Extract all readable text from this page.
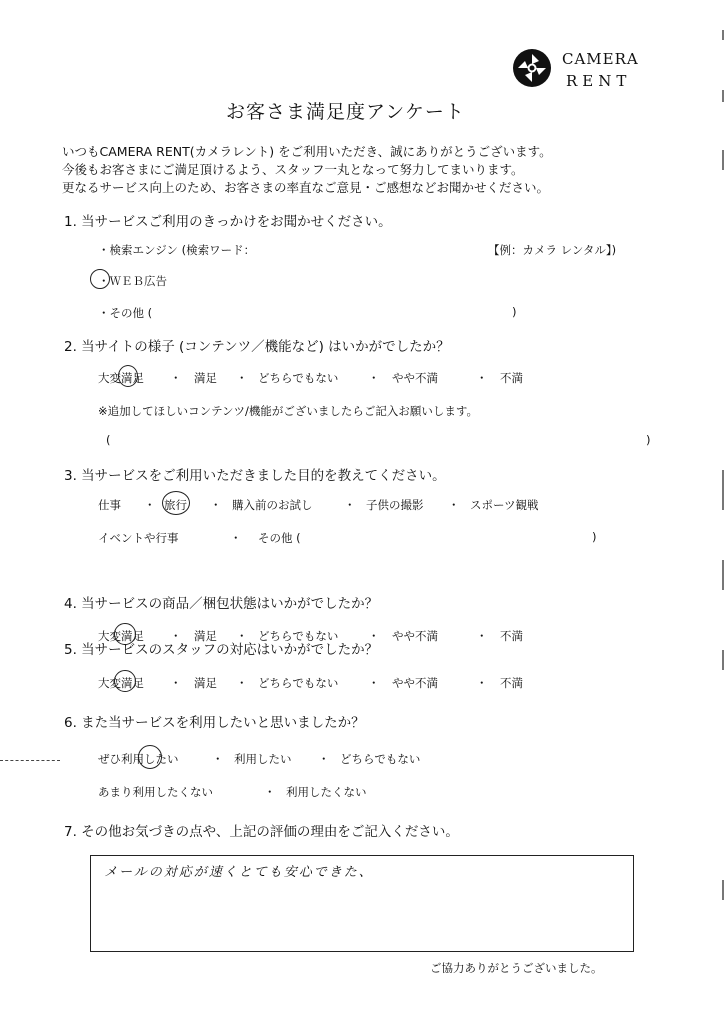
CAMERA
RENT
お客さま満足度アンケート
いつもCAMERA RENT(カメラレント) をご利用いただき、誠にありがとうございます。
今後もお客さまにご満足頂けるよう、スタッフ一丸となって努力してまいります。
更なるサービス向上のため、お客さまの率直なご意見・ご感想などお聞かせください。
1. 当サービスご利用のきっかけをお聞かせください。
・検索エンジン (検索ワード：	【例：カメラ レンタル】)
・ＷＥＢ広告
・その他 (	)
2. 当サイトの様子 (コンテンツ／機能など) はいかがでしたか？
大変満足 ・ 満足 ・ どちらでもない	・ やや不満	・ 不満
※追加してほしいコンテンツ/機能がございましたらご記入お願いします。
(	)
3. 当サービスをご利用いただきました目的を教えてください。
仕事 ・ 旅行 ・ 購入前のお試し	・ 子供の撮影 ・ スポーツ観戦
イベントや行事	・ その他 (	)
4. 当サービスの商品／梱包状態はいかがでしたか？
大変満足 ・ 満足 ・ どちらでもない	・ やや不満	・ 不満
5. 当サービスのスタッフの対応はいかがでしたか？
大変満足 ・ 満足 ・ どちらでもない	・ やや不満	・ 不満
6. また当サービスを利用したいと思いましたか？
ぜひ利用したい	・ 利用したい ・ どちらでもない
あまり利用したくない	・ 利用したくない
7. その他お気づきの点や、上記の評価の理由をご記入ください。
メールの対応が速くとても安心できた、
ご協力ありがとうございました。
